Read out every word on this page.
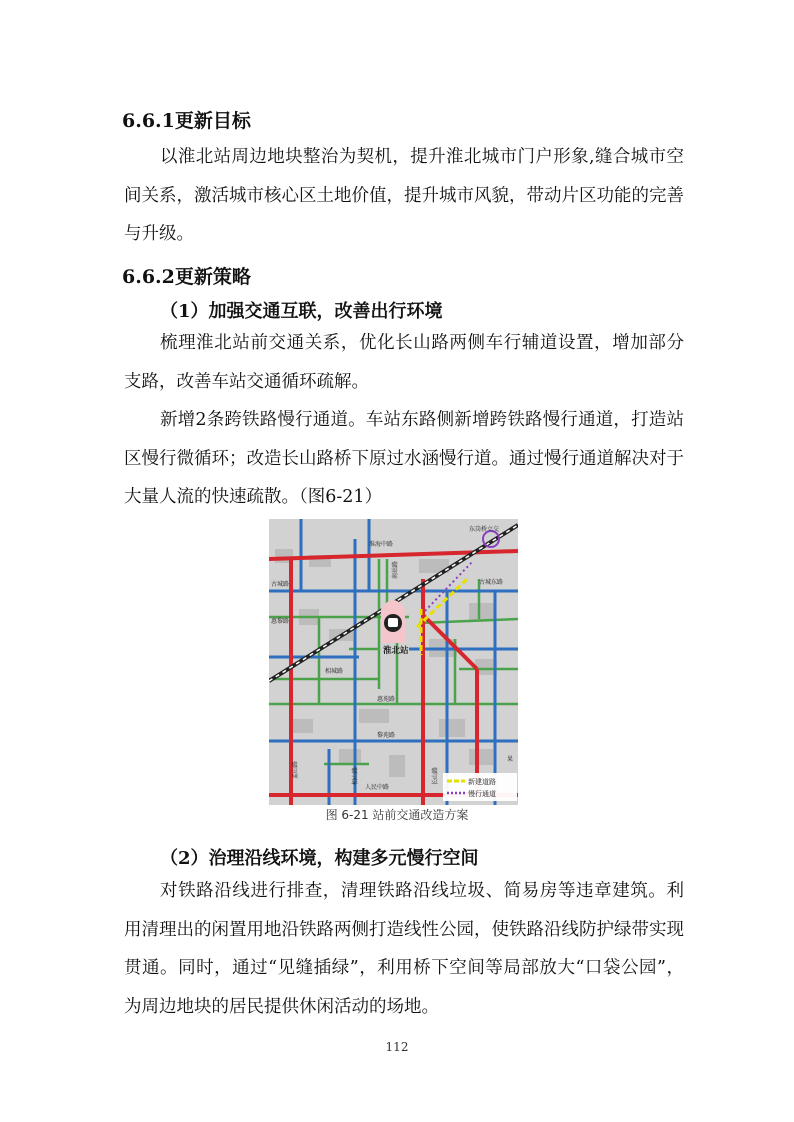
6.6.1更新目标

以淮北站周边地块整治为契机，提升淮北城市门户形象,缝合城市空间关系，激活城市核心区土地价值，提升城市风貌，带动片区功能的完善与升级。

6.6.2更新策略
（1）加强交通互联，改善出行环境

梳理淮北站前交通关系，优化长山路两侧车行辅道设置，增加部分支路，改善车站交通循环疏解。

新增2条跨铁路慢行通道。车站东路侧新增跨铁路慢行通道，打造站区慢行微循环；改造长山路桥下原过水涵慢行道。通过慢行通道解决对于大量人流的快速疏散。（图6-21）

淮北站
淮海中路
东岗桥立交
古城东路
古城路
惠黎路
相城路
惠苑路
黎苑路
孟山路	相山路	长山路
人民中路
果
南站路
新建道路
慢行通道
图 6-21 站前交通改造方案
（2）治理沿线环境，构建多元慢行空间

对铁路沿线进行排查，清理铁路沿线垃圾、简易房等违章建筑。利用清理出的闲置用地沿铁路两侧打造线性公园，使铁路沿线防护绿带实现贯通。同时，通过“见缝插绿”，利用桥下空间等局部放大“口袋公园”，为周边地块的居民提供休闲活动的场地。

112
